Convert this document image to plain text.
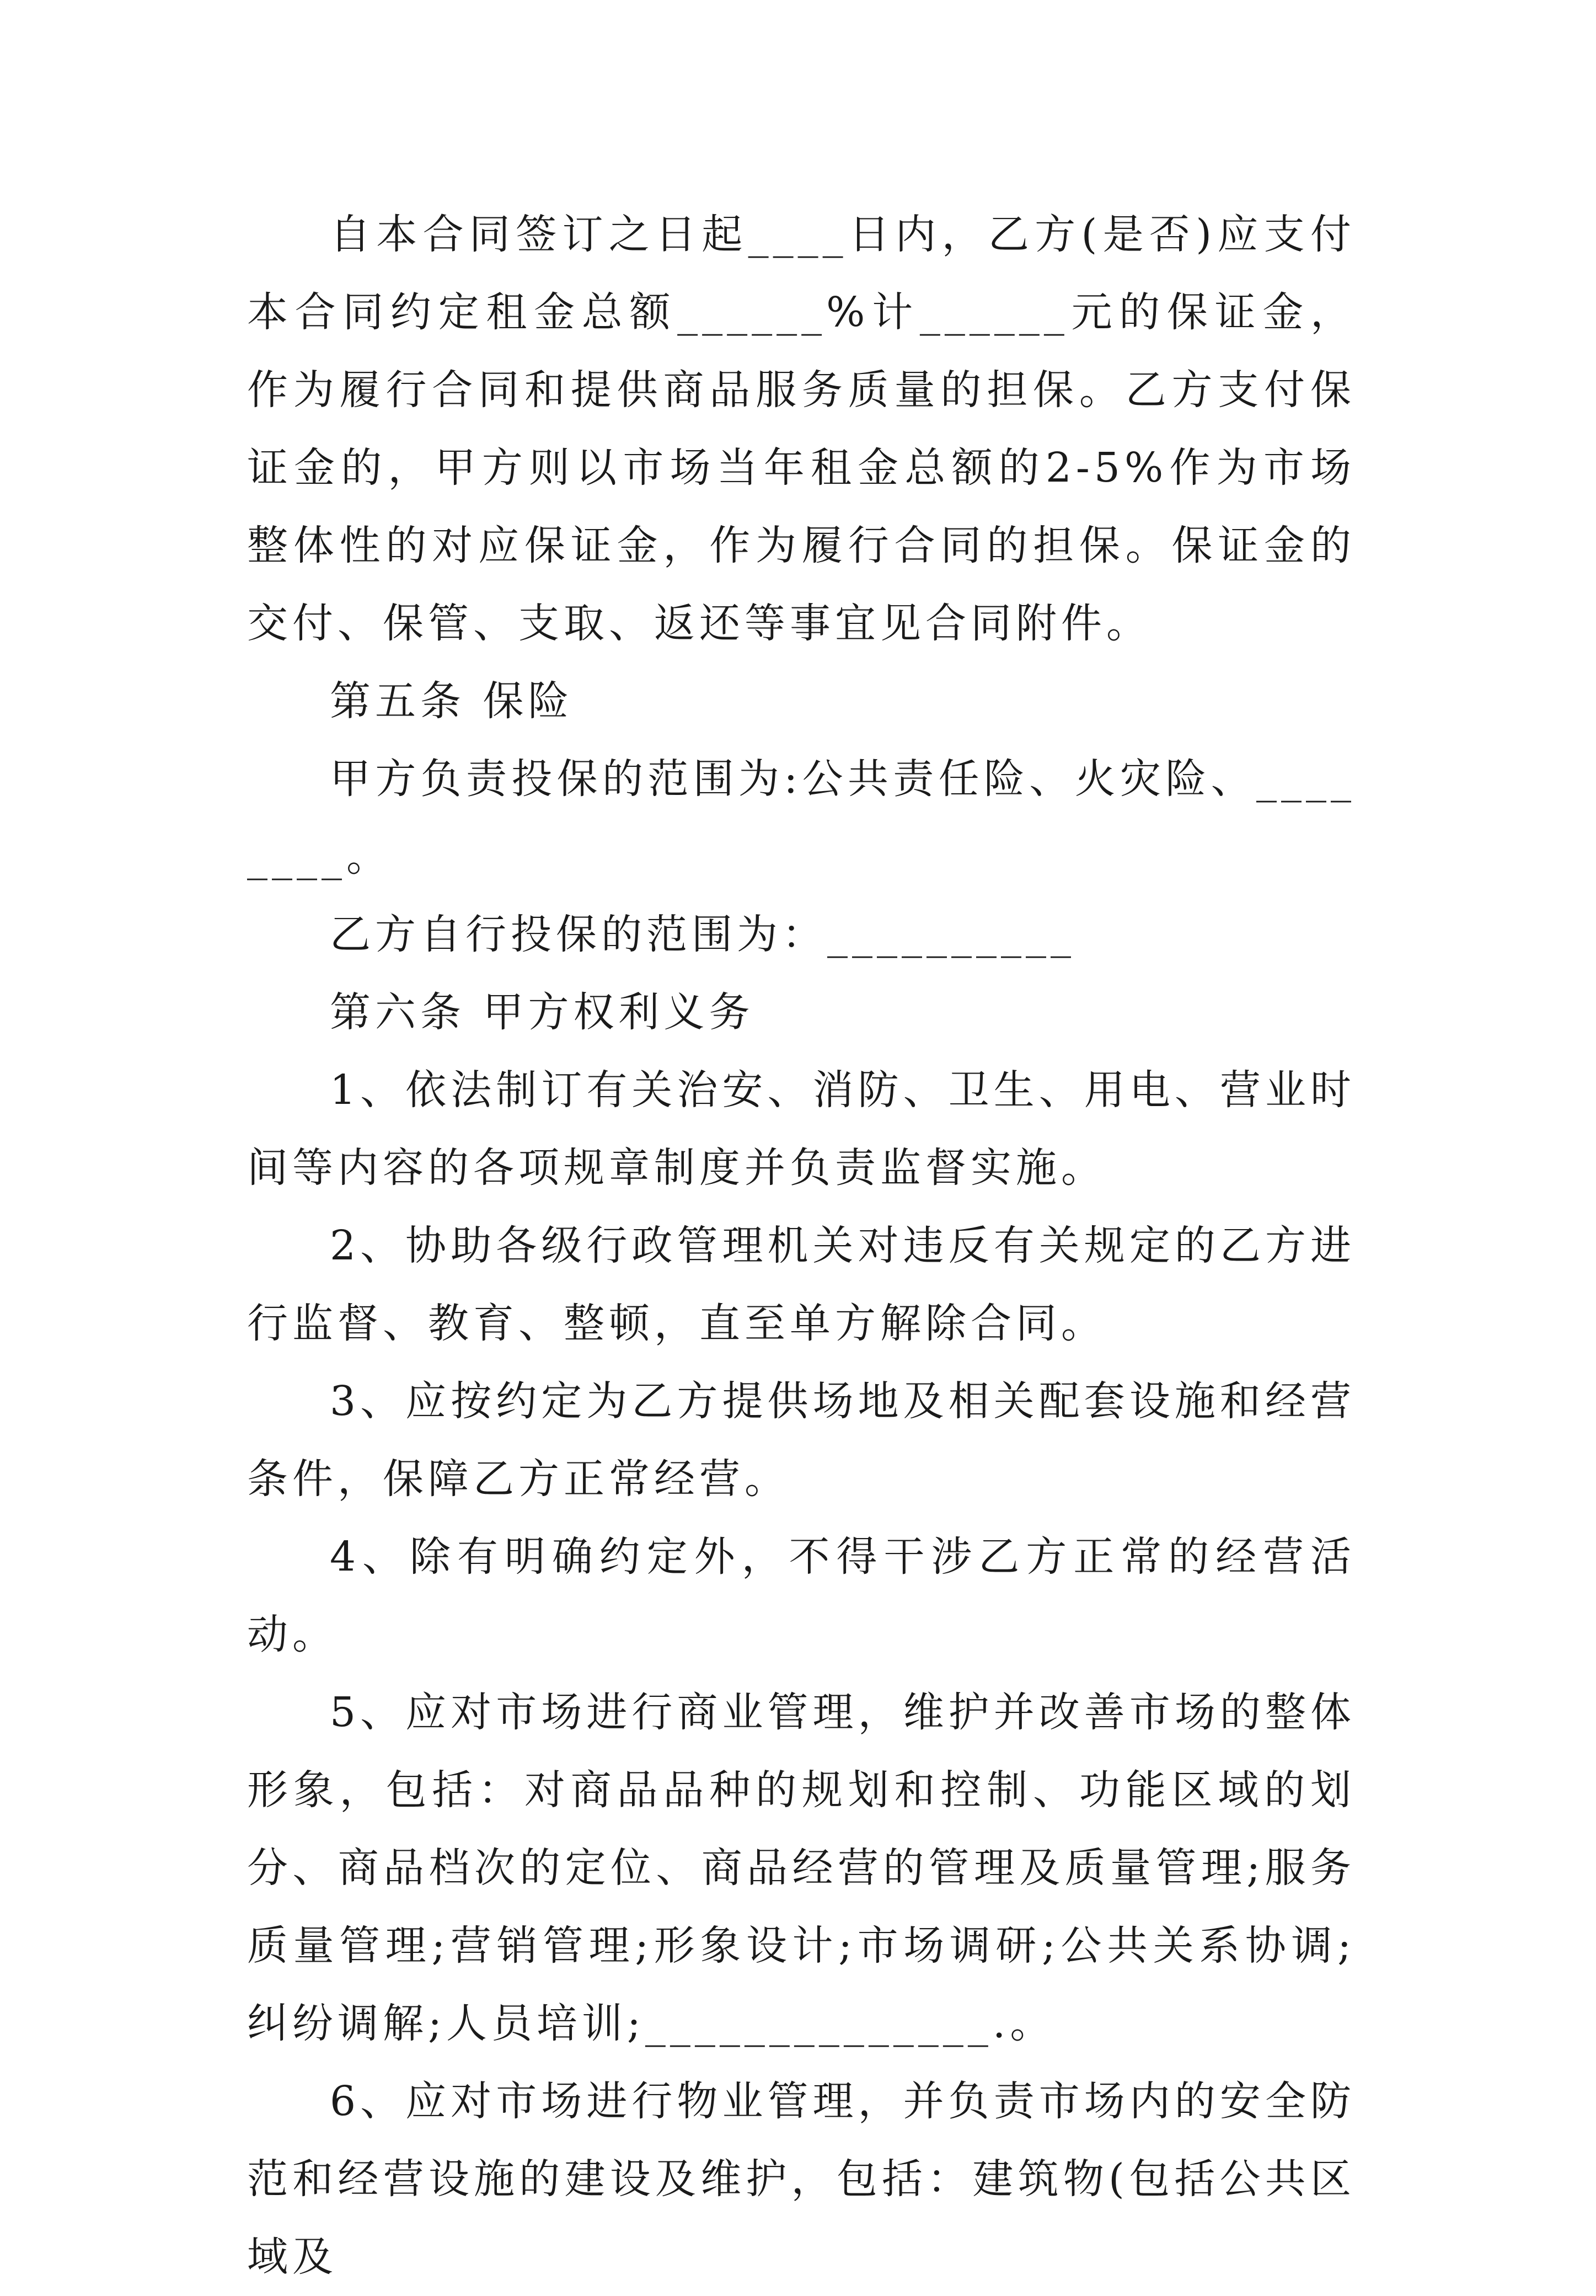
自本合同签订之日起____日内，乙方(是否)应支付本合同约定租金总额______%计______元的保证金，作为履行合同和提供商品服务质量的担保。乙方支付保证金的，甲方则以市场当年租金总额的2-5%作为市场整体性的对应保证金，作为履行合同的担保。保证金的交付、保管、支取、返还等事宜见合同附件。

第五条 保险

甲方负责投保的范围为:公共责任险、火灾险、________。

乙方自行投保的范围为：__________

第六条 甲方权利义务

1、依法制订有关治安、消防、卫生、用电、营业时间等内容的各项规章制度并负责监督实施。

2、协助各级行政管理机关对违反有关规定的乙方进行监督、教育、整顿，直至单方解除合同。

3、应按约定为乙方提供场地及相关配套设施和经营条件，保障乙方正常经营。

4、除有明确约定外，不得干涉乙方正常的经营活动。

5、应对市场进行商业管理，维护并改善市场的整体形象，包括：对商品品种的规划和控制、功能区域的划分、商品档次的定位、商品经营的管理及质量管理;服务质量管理;营销管理;形象设计;市场调研;公共关系协调;纠纷调解;人员培训;______________.。

6、应对市场进行物业管理，并负责市场内的安全防范和经营设施的建设及维护，包括：建筑物(包括公共区域及
